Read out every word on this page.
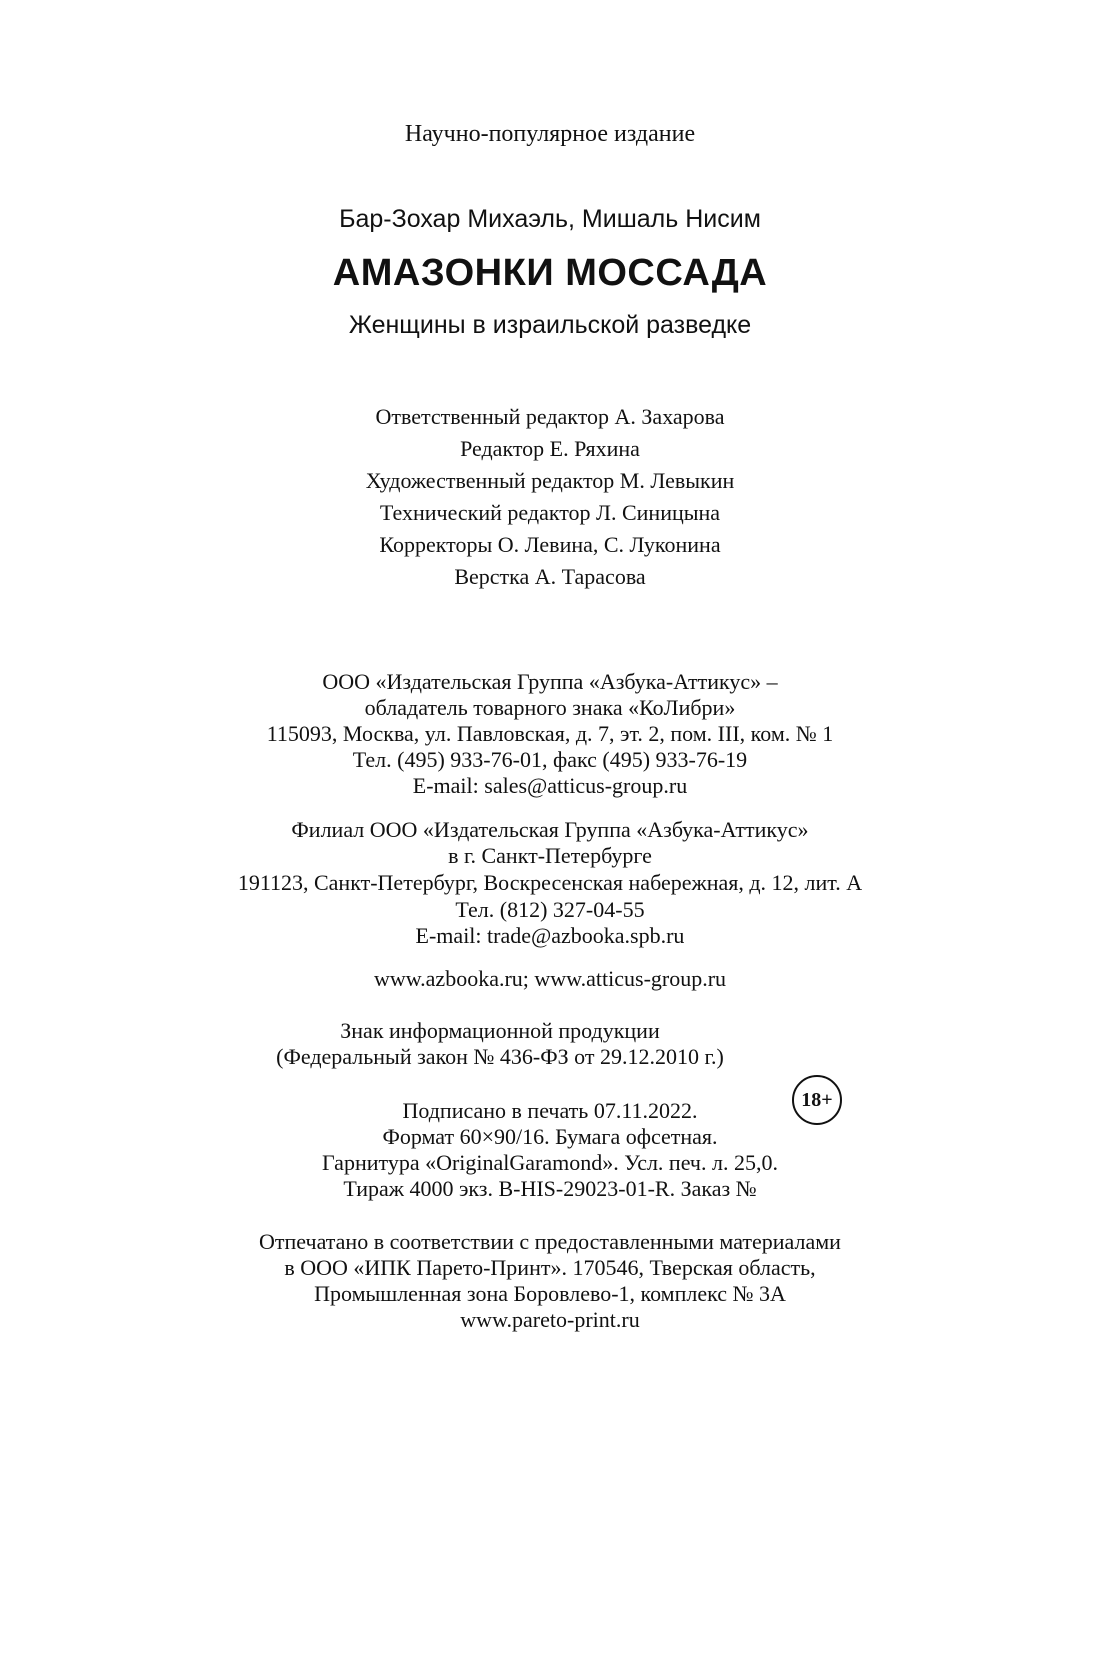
Научно-популярное издание
Бар-Зохар Михаэль, Мишаль Нисим
АМАЗОНКИ МОССАДА
Женщины в израильской разведке
Ответственный редактор А. Захарова
Редактор Е. Ряхина
Художественный редактор М. Левыкин
Технический редактор Л. Синицына
Корректоры О. Левина, С. Луконина
Верстка А. Тарасова
ООО «Издательская Группа «Азбука-Аттикус» –
обладатель товарного знака «КоЛибри»
115093, Москва, ул. Павловская, д. 7, эт. 2, пом. III, ком. № 1
Тел. (495) 933-76-01, факс (495) 933-76-19
E-mail: sales@atticus-group.ru
Филиал ООО «Издательская Группа «Азбука-Аттикус»
в г. Санкт-Петербурге
191123, Санкт-Петербург, Воскресенская набережная, д. 12, лит. А
Тел. (812) 327-04-55
E-mail: trade@azbooka.spb.ru
www.azbooka.ru; www.atticus-group.ru
Знак информационной продукции
(Федеральный закон № 436-ФЗ от 29.12.2010 г.)
18+
Подписано в печать 07.11.2022.
Формат 60×90/16. Бумага офсетная.
Гарнитура «OriginalGaramond». Усл. печ. л. 25,0.
Тираж 4000 экз. B-HIS-29023-01-R. Заказ №
Отпечатано в соответствии с предоставленными материалами
в ООО «ИПК Парето-Принт». 170546, Тверская область,
Промышленная зона Боровлево-1, комплекс № 3А
www.pareto-print.ru
